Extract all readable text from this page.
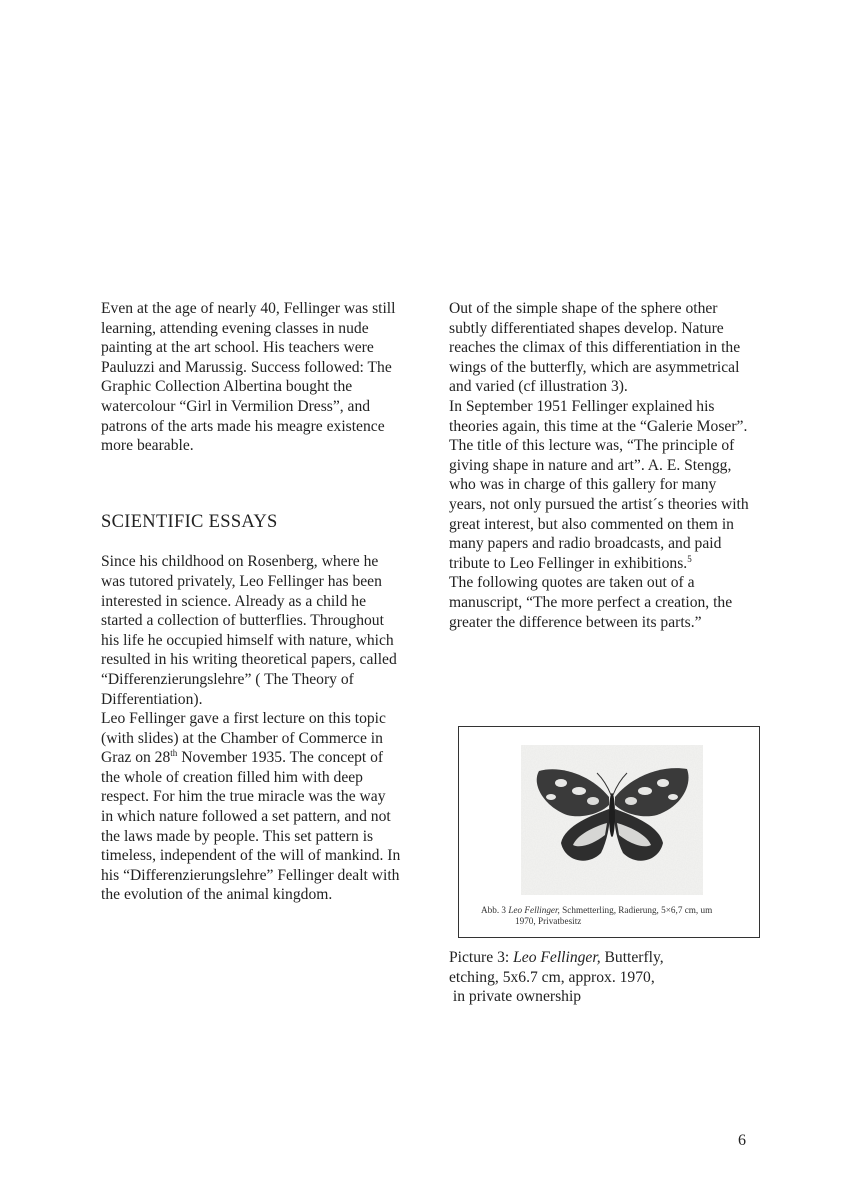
Even at the age of nearly 40, Fellinger was still learning, attending evening classes in nude painting at the art school. His teachers were Pauluzzi and Marussig. Success followed: The Graphic Collection Albertina bought the watercolour “Girl in Vermilion Dress”, and patrons of the arts made his meagre existence more bearable.

SCIENTIFIC ESSAYS

Since his childhood on Rosenberg, where he was tutored privately, Leo Fellinger has been interested in science. Already as a child he started a collection of butterflies. Throughout his life he occupied himself with nature, which resulted in his writing theoretical papers, called “Differenzierungslehre” ( The Theory of Differentiation).

Leo Fellinger gave a first lecture on this topic (with slides) at the Chamber of Commerce in Graz on 28th November 1935. The concept of the whole of creation filled him with deep respect. For him the true miracle was the way in which nature followed a set pattern, and not the laws made by people. This set pattern is timeless, independent of the will of mankind. In his “Differenzierungslehre” Fellinger dealt with the evolution of the animal kingdom.

Out of the simple shape of the sphere other subtly differentiated shapes develop. Nature reaches the climax of this differentiation in the wings of the butterfly, which are asymmetrical and varied (cf illustration 3).

In September 1951 Fellinger explained his theories again, this time at the “Galerie Moser”. The title of this lecture was, “The principle of giving shape in nature and art”. A. E. Stengg, who was in charge of this gallery for many years, not only pursued the artist´s theories with great interest, but also commented on them in many papers and radio broadcasts, and paid tribute to Leo Fellinger in exhibitions.$^5$

The following quotes are taken out of a manuscript, “The more perfect a creation, the greater the difference between its parts.”

Abb. 3 Leo Fellinger, Schmetterling, Radierung, 5×6,7 cm, um
1970, Privatbesitz
Picture 3: Leo Fellinger, Butterfly,
etching, 5x6.7 cm, approx. 1970,
in private ownership
6
